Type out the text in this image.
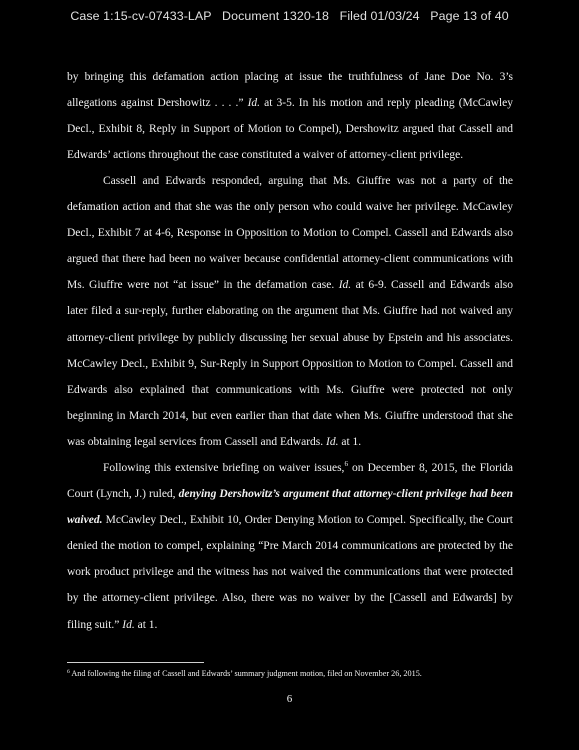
Case 1:15-cv-07433-LAP   Document 1320-18   Filed 01/03/24   Page 13 of 40
by bringing this defamation action placing at issue the truthfulness of Jane Doe No. 3’s
allegations against Dershowitz . . . .” Id. at 3-5. In his motion and reply pleading (McCawley
Decl., Exhibit 8, Reply in Support of Motion to Compel), Dershowitz argued that Cassell and
Edwards’ actions throughout the case constituted a waiver of attorney-client privilege.
Cassell and Edwards responded, arguing that Ms. Giuffre was not a party of the
defamation action and that she was the only person who could waive her privilege. McCawley
Decl., Exhibit 7 at 4-6, Response in Opposition to Motion to Compel. Cassell and Edwards also
argued that there had been no waiver because confidential attorney-client communications with
Ms. Giuffre were not “at issue” in the defamation case. Id. at 6-9. Cassell and Edwards also
later filed a sur-reply, further elaborating on the argument that Ms. Giuffre had not waived any
attorney-client privilege by publicly discussing her sexual abuse by Epstein and his associates.
McCawley Decl., Exhibit 9, Sur-Reply in Support Opposition to Motion to Compel. Cassell and
Edwards also explained that communications with Ms. Giuffre were protected not only
beginning in March 2014, but even earlier than that date when Ms. Giuffre understood that she
was obtaining legal services from Cassell and Edwards. Id. at 1.
Following this extensive briefing on waiver issues,$^6$ on December 8, 2015, the Florida
Court (Lynch, J.) ruled, denying Dershowitz’s argument that attorney-client privilege had been
waived. McCawley Decl., Exhibit 10, Order Denying Motion to Compel. Specifically, the Court
denied the motion to compel, explaining “Pre March 2014 communications are protected by the
work product privilege and the witness has not waived the communications that were protected
by the attorney-client privilege. Also, there was no waiver by the [Cassell and Edwards] by
filing suit.” Id. at 1.
$^6$ And following the filing of Cassell and Edwards’ summary judgment motion, filed on November 26, 2015.
6
